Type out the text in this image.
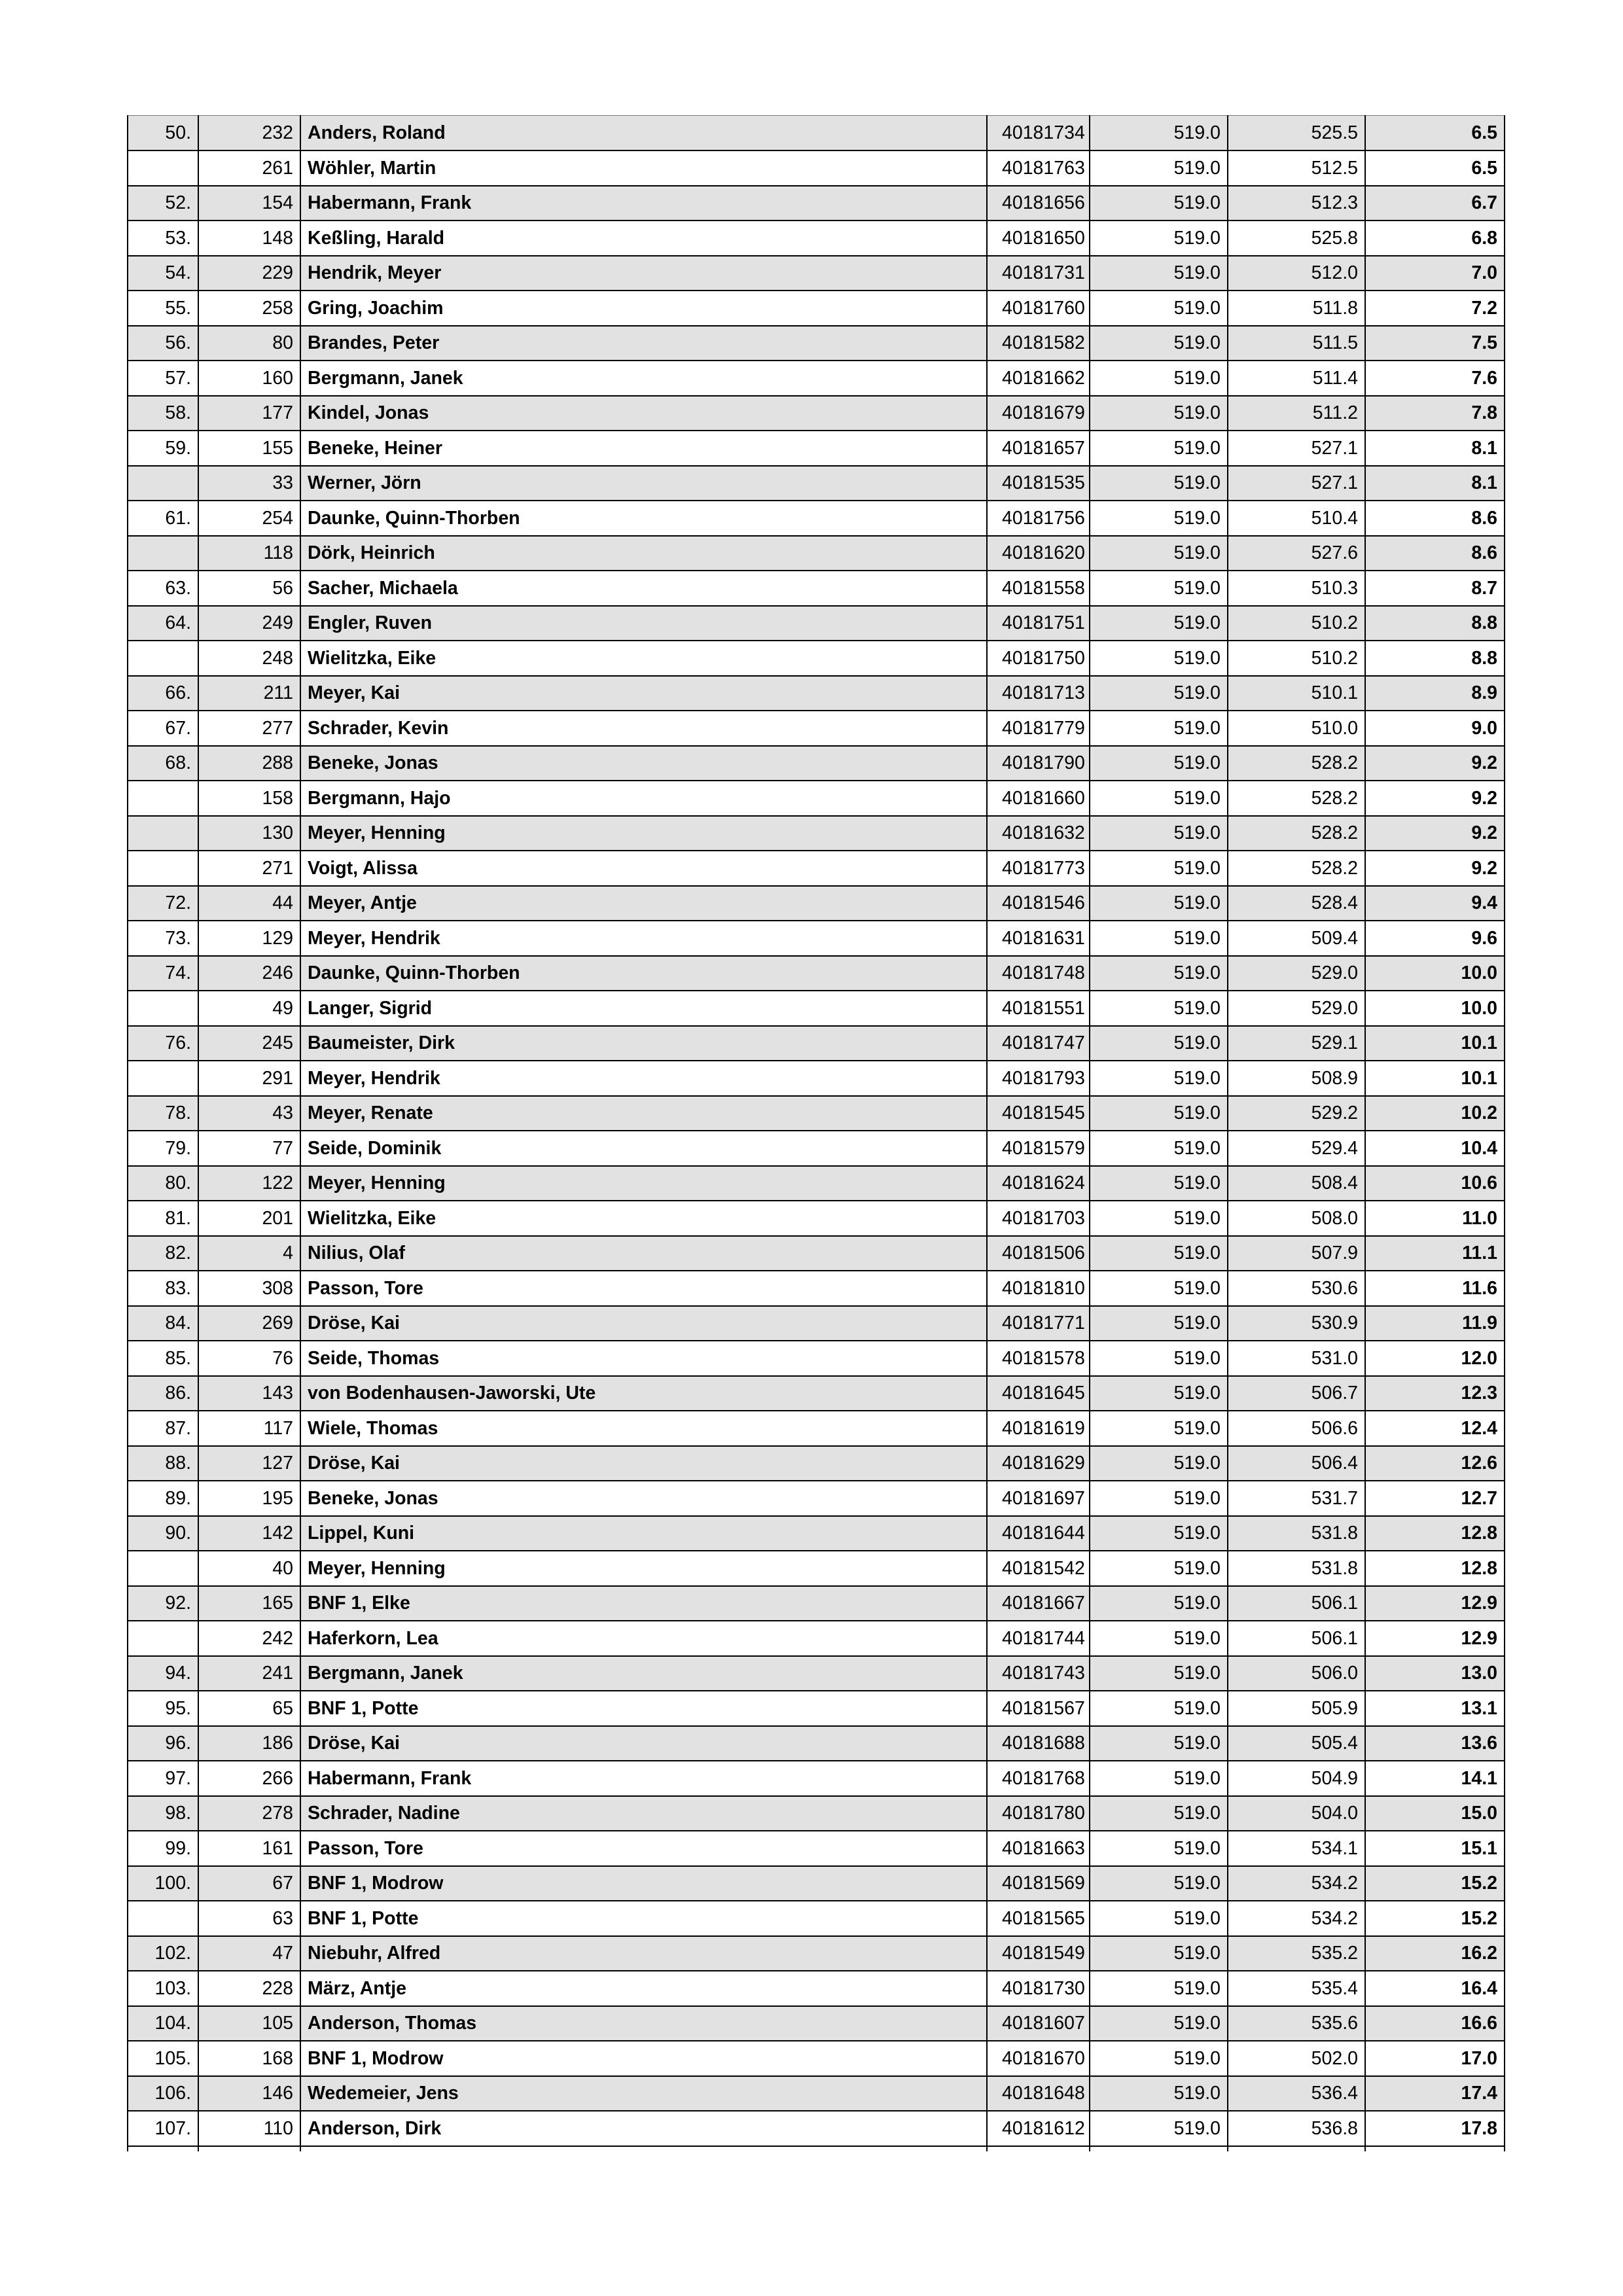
50.	232	Anders, Roland	40181734	519.0	525.5	6.5
	261	Wöhler, Martin	40181763	519.0	512.5	6.5
52.	154	Habermann, Frank	40181656	519.0	512.3	6.7
53.	148	Keßling, Harald	40181650	519.0	525.8	6.8
54.	229	Hendrik, Meyer	40181731	519.0	512.0	7.0
55.	258	Gring, Joachim	40181760	519.0	511.8	7.2
56.	80	Brandes, Peter	40181582	519.0	511.5	7.5
57.	160	Bergmann, Janek	40181662	519.0	511.4	7.6
58.	177	Kindel, Jonas	40181679	519.0	511.2	7.8
59.	155	Beneke, Heiner	40181657	519.0	527.1	8.1
	33	Werner, Jörn	40181535	519.0	527.1	8.1
61.	254	Daunke, Quinn-Thorben	40181756	519.0	510.4	8.6
	118	Dörk, Heinrich	40181620	519.0	527.6	8.6
63.	56	Sacher, Michaela	40181558	519.0	510.3	8.7
64.	249	Engler, Ruven	40181751	519.0	510.2	8.8
	248	Wielitzka, Eike	40181750	519.0	510.2	8.8
66.	211	Meyer, Kai	40181713	519.0	510.1	8.9
67.	277	Schrader, Kevin	40181779	519.0	510.0	9.0
68.	288	Beneke, Jonas	40181790	519.0	528.2	9.2
	158	Bergmann, Hajo	40181660	519.0	528.2	9.2
	130	Meyer, Henning	40181632	519.0	528.2	9.2
	271	Voigt, Alissa	40181773	519.0	528.2	9.2
72.	44	Meyer, Antje	40181546	519.0	528.4	9.4
73.	129	Meyer, Hendrik	40181631	519.0	509.4	9.6
74.	246	Daunke, Quinn-Thorben	40181748	519.0	529.0	10.0
	49	Langer, Sigrid	40181551	519.0	529.0	10.0
76.	245	Baumeister, Dirk	40181747	519.0	529.1	10.1
	291	Meyer, Hendrik	40181793	519.0	508.9	10.1
78.	43	Meyer, Renate	40181545	519.0	529.2	10.2
79.	77	Seide, Dominik	40181579	519.0	529.4	10.4
80.	122	Meyer, Henning	40181624	519.0	508.4	10.6
81.	201	Wielitzka, Eike	40181703	519.0	508.0	11.0
82.	4	Nilius, Olaf	40181506	519.0	507.9	11.1
83.	308	Passon, Tore	40181810	519.0	530.6	11.6
84.	269	Dröse, Kai	40181771	519.0	530.9	11.9
85.	76	Seide, Thomas	40181578	519.0	531.0	12.0
86.	143	von Bodenhausen-Jaworski, Ute	40181645	519.0	506.7	12.3
87.	117	Wiele, Thomas	40181619	519.0	506.6	12.4
88.	127	Dröse, Kai	40181629	519.0	506.4	12.6
89.	195	Beneke, Jonas	40181697	519.0	531.7	12.7
90.	142	Lippel, Kuni	40181644	519.0	531.8	12.8
	40	Meyer, Henning	40181542	519.0	531.8	12.8
92.	165	BNF 1, Elke	40181667	519.0	506.1	12.9
	242	Haferkorn, Lea	40181744	519.0	506.1	12.9
94.	241	Bergmann, Janek	40181743	519.0	506.0	13.0
95.	65	BNF 1, Potte	40181567	519.0	505.9	13.1
96.	186	Dröse, Kai	40181688	519.0	505.4	13.6
97.	266	Habermann, Frank	40181768	519.0	504.9	14.1
98.	278	Schrader, Nadine	40181780	519.0	504.0	15.0
99.	161	Passon, Tore	40181663	519.0	534.1	15.1
100.	67	BNF 1, Modrow	40181569	519.0	534.2	15.2
	63	BNF 1, Potte	40181565	519.0	534.2	15.2
102.	47	Niebuhr, Alfred	40181549	519.0	535.2	16.2
103.	228	März, Antje	40181730	519.0	535.4	16.4
104.	105	Anderson, Thomas	40181607	519.0	535.6	16.6
105.	168	BNF 1, Modrow	40181670	519.0	502.0	17.0
106.	146	Wedemeier, Jens	40181648	519.0	536.4	17.4
107.	110	Anderson, Dirk	40181612	519.0	536.8	17.8
